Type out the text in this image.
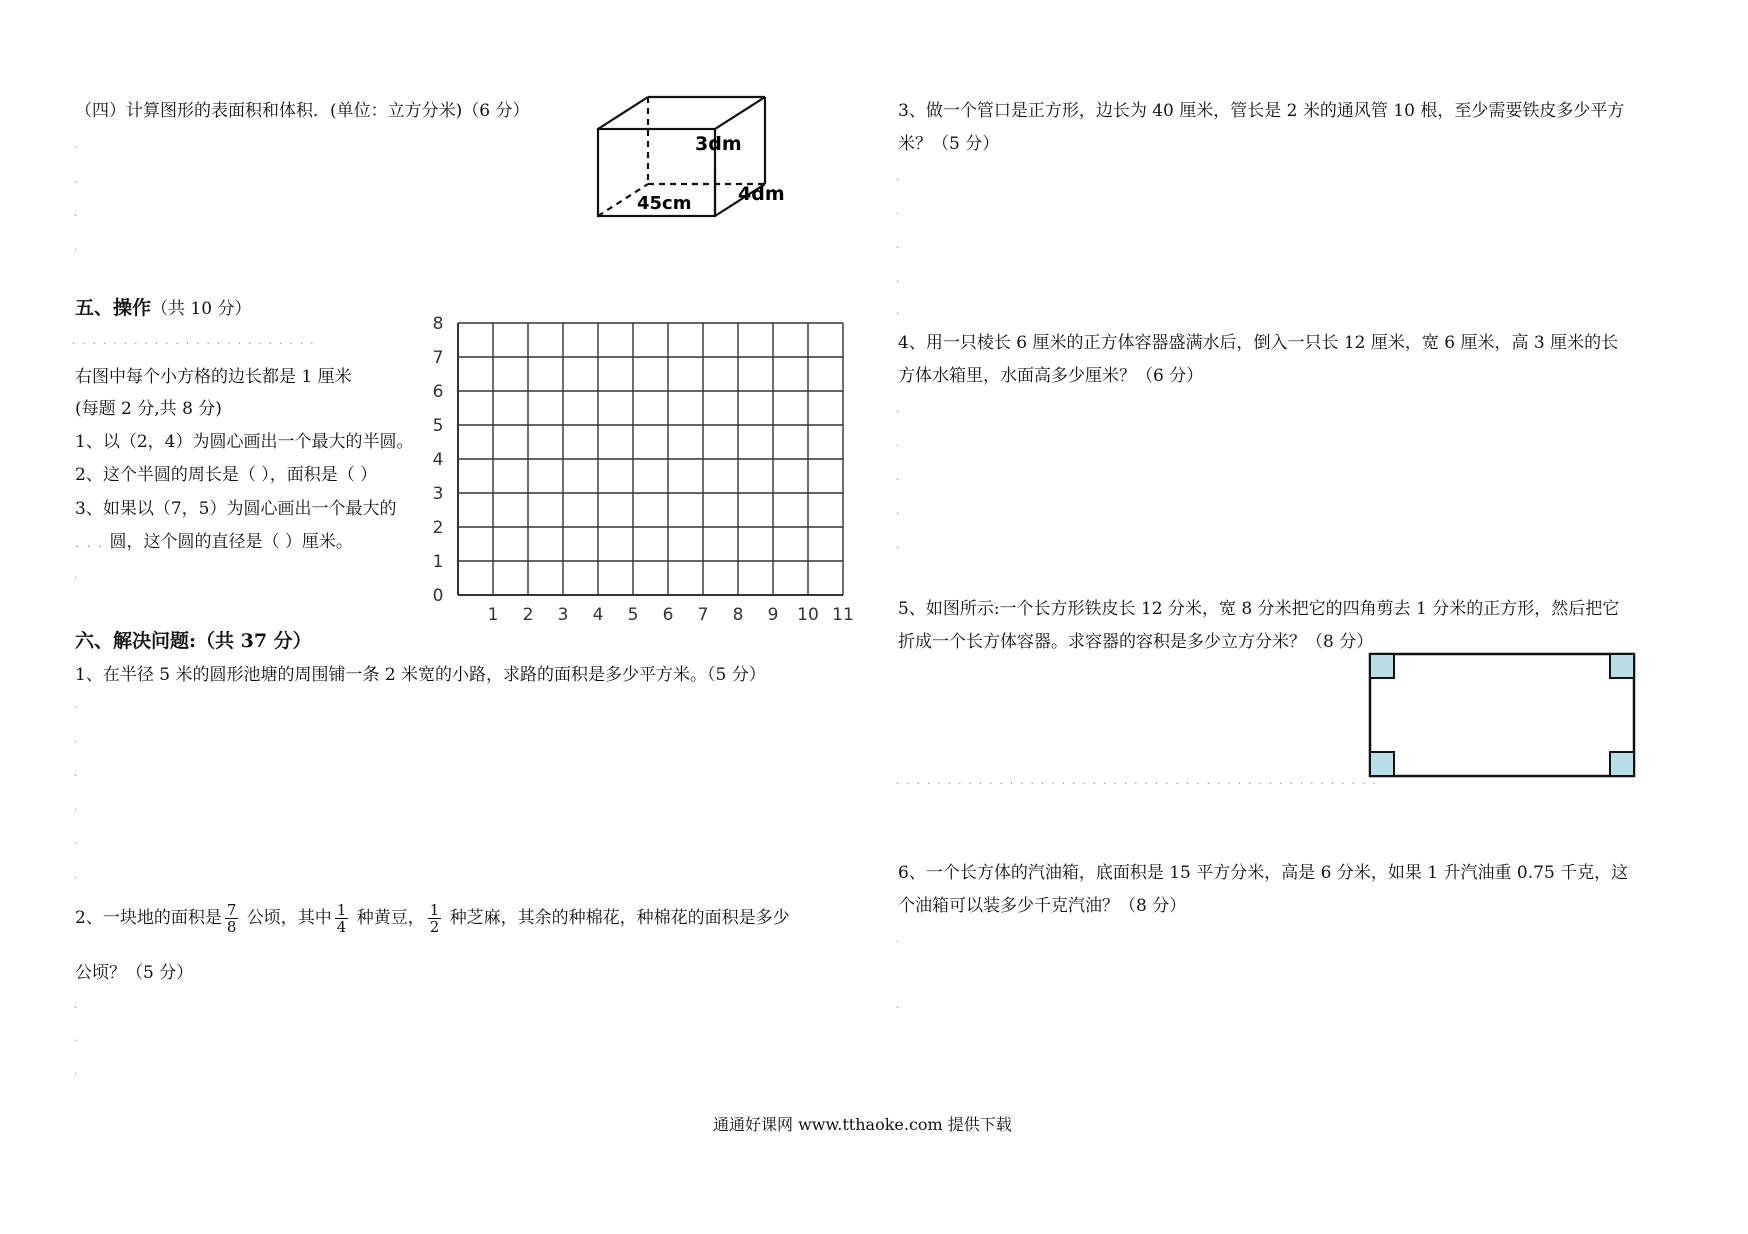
（四）计算图形的表面积和体积．(单位：立方分米)（6 分）
.
.
.
.
3dm
45cm 4dm
五、操作（共 10 分）
. . . . . . . . . . . . . . . . . . . . . . . .
右图中每个小方格的边长都是 1 厘米
(每题 2 分,共 8 分)
1、以（2，4）为圆心画出一个最大的半圆。
2、这个半圆的周长是（ ），面积是（ ）
3、如果以（7，5）为圆心画出一个最大的
. . . 圆，这个圆的直径是（ ）厘米。
.
1 2 3 4 5 6 7 8 9 10 11
0
1
2
3
4
5
6
7
8
六、解决问题:（共 37 分）
1、在半径 5 米的圆形池塘的周围铺一条 2 米宽的小路，求路的面积是多少平方米。（5 分）
.
.
.
.
.
.
2、一块地的面积是 $\frac{7}{8}$ 公顷，其中 $\frac{1}{4}$ 种黄豆， $\frac{1}{2}$ 种芝麻，其余的种棉花，种棉花的面积是多少
公顷？（5 分）
.
.
.
3、做一个管口是正方形，边长为 40 厘米，管长是 2 米的通风管 10 根，至少需要铁皮多少平方
米？（5 分）
.
.
.
.
.
4、用一只棱长 6 厘米的正方体容器盛满水后，倒入一只长 12 厘米，宽 6 厘米，高 3 厘米的长
方体水箱里，水面高多少厘米？（6 分）
.
.
.
.
.
5、如图所示:一个长方形铁皮长 12 分米，宽 8 分米把它的四角剪去 1 分米的正方形，然后把它
折成一个长方体容器。求容器的容积是多少立方分米？（8 分）
. . . . . . . . . . . . . . . . . . . . . . . . . . . . . . . . . . . . . . . . . . . . . . .
6、一个长方体的汽油箱，底面积是 15 平方分米，高是 6 分米，如果 1 升汽油重 0.75 千克，这
个油箱可以装多少千克汽油？（8 分）
.
.
通通好课网 www.tthaoke.com 提供下载
